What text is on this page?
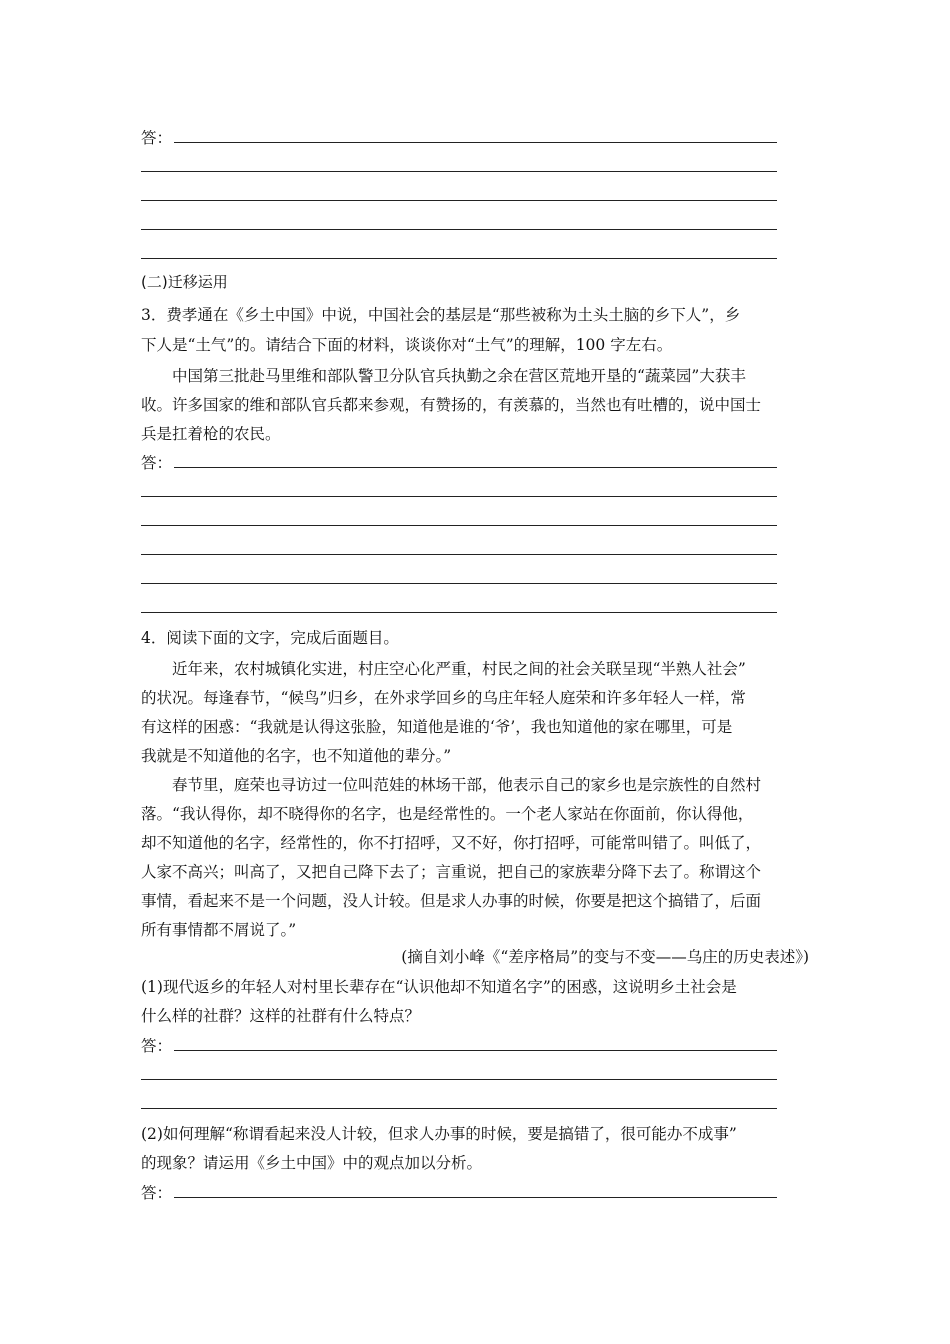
答：
(二)迁移运用
3．费孝通在《乡土中国》中说，中国社会的基层是“那些被称为土头土脑的乡下人”，乡
下人是“土气”的。请结合下面的材料，谈谈你对“土气”的理解，100 字左右。
中国第三批赴马里维和部队警卫分队官兵执勤之余在营区荒地开垦的“蔬菜园”大获丰
收。许多国家的维和部队官兵都来参观，有赞扬的，有羡慕的，当然也有吐槽的，说中国士
兵是扛着枪的农民。
答：
4．阅读下面的文字，完成后面题目。
近年来，农村城镇化实进，村庄空心化严重，村民之间的社会关联呈现“半熟人社会”
的状况。每逢春节，“候鸟”归乡，在外求学回乡的乌庄年轻人庭荣和许多年轻人一样，常
有这样的困惑：“我就是认得这张脸，知道他是谁的‘爷’，我也知道他的家在哪里，可是
我就是不知道他的名字，也不知道他的辈分。”
春节里，庭荣也寻访过一位叫范娃的林场干部，他表示自己的家乡也是宗族性的自然村
落。“我认得你，却不晓得你的名字，也是经常性的。一个老人家站在你面前，你认得他，
却不知道他的名字，经常性的，你不打招呼，又不好，你打招呼，可能常叫错了。叫低了，
人家不高兴；叫高了，又把自己降下去了；言重说，把自己的家族辈分降下去了。称谓这个
事情，看起来不是一个问题，没人计较。但是求人办事的时候，你要是把这个搞错了，后面
所有事情都不屑说了。”
(摘自刘小峰《“差序格局”的变与不变——乌庄的历史表述》)
(1)现代返乡的年轻人对村里长辈存在“认识他却不知道名字”的困惑，这说明乡土社会是
什么样的社群？这样的社群有什么特点？
答：
(2)如何理解“称谓看起来没人计较，但求人办事的时候，要是搞错了，很可能办不成事”
的现象？请运用《乡土中国》中的观点加以分析。
答：
